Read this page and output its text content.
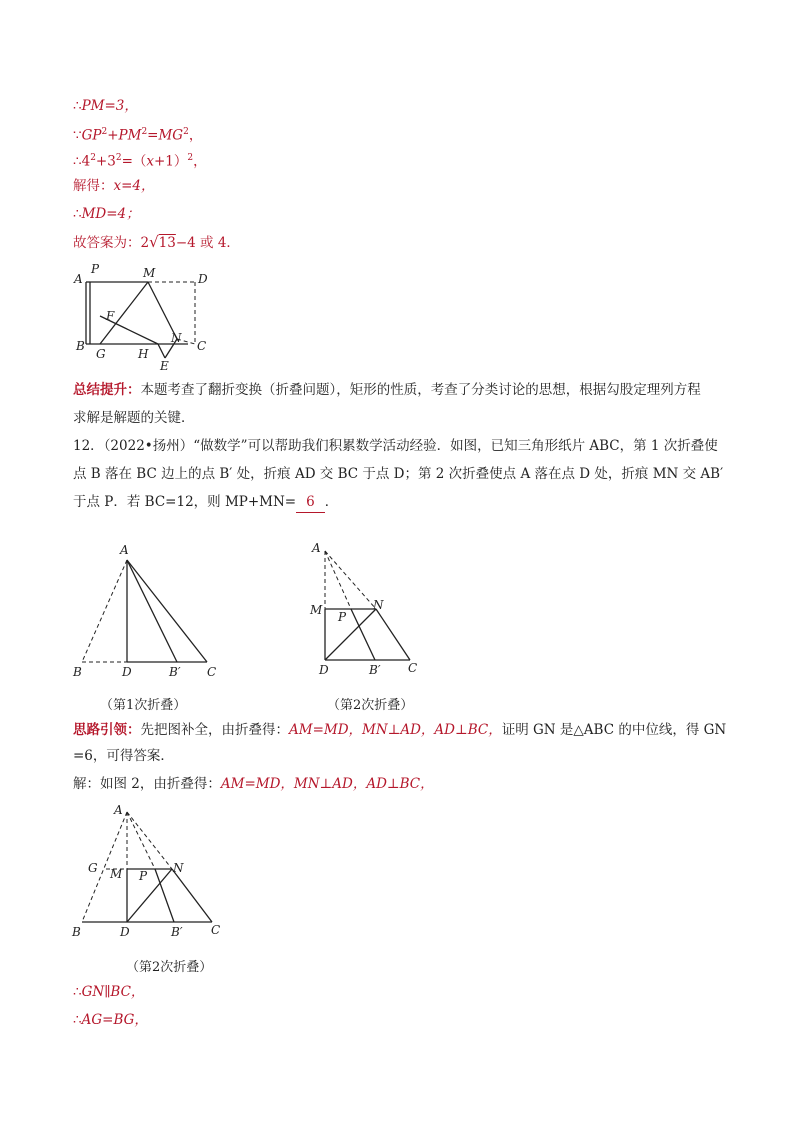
∴PM=3，
$\because GP^2+PM^2=MG^2$，
$\therefore 4^2+3^2=(x+1)^2$，
解得：x=4，
∴MD=4；
故答案为：2√13−4 或 4．
A
P	M	D
F
N
B
G	H
E
C
总结提升：本题考查了翻折变换（折叠问题），矩形的性质，考查了分类讨论的思想，根据勾股定理列方程
求解是解题的关键．
12．（2022•扬州）“做数学”可以帮助我们积累数学活动经验．如图，已知三角形纸片 ABC，第 1 次折叠使
点 B 落在 BC 边上的点 B′ 处，折痕 AD 交 BC 于点 D；第 2 次折叠使点 A 落在点 D 处，折痕 MN 交 AB′
于点 P．若 BC=12，则 MP+MN= 6 ．
A
B	D	B′ C
（第1次折叠）
A
M P
N
D	B′ C
（第2次折叠）
思路引领：先把图补全，由折叠得：AM=MD，MN⊥AD，AD⊥BC，证明 GN 是△ABC 的中位线，得 GN
=6，可得答案．
解：如图 2，由折叠得：AM=MD，MN⊥AD，AD⊥BC，
A
G M P
N
B	D	B′ C
（第2次折叠）
∴GN∥BC，
∴AG=BG，
